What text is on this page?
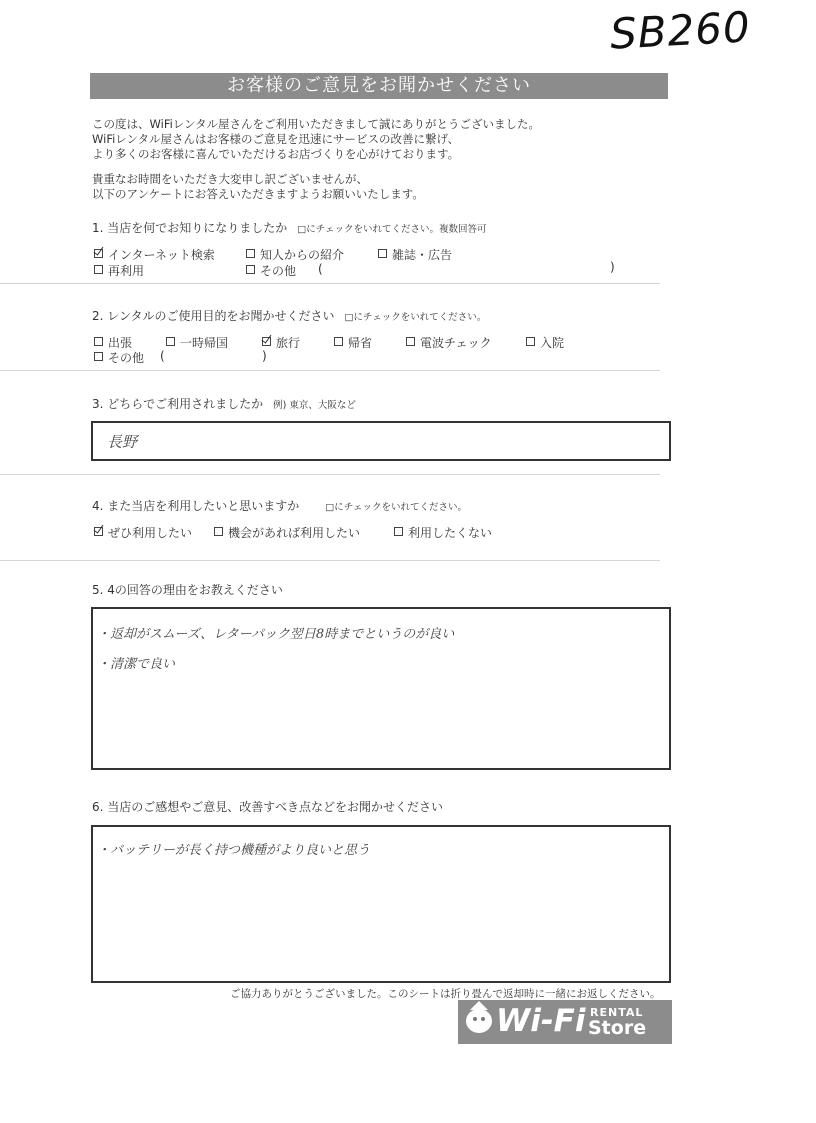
SB260
お客様のご意見をお聞かせください
この度は、WiFiレンタル屋さんをご利用いただきまして誠にありがとうございました。
WiFiレンタル屋さんはお客様のご意見を迅速にサービスの改善に繋げ、
より多くのお客様に喜んでいただけるお店づくりを心がけております。
貴重なお時間をいただき大変申し訳ございませんが、
以下のアンケートにお答えいただきますようお願いいたします。
1. 当店を何でお知りになりましたか □にチェックをいれてください。複数回答可
インターネット検索	知人からの紹介	雑誌・広告
再利用	その他 (	)
2. レンタルのご使用目的をお聞かせください □にチェックをいれてください。
出張	一時帰国	旅行	帰省	電波チェック	入院
その他 (	)
3. どちらでご利用されましたか 例) 東京、大阪など
長野
4. また当店を利用したいと思いますか	□にチェックをいれてください。
ぜひ利用したい	機会があれば利用したい	利用したくない
5. 4の回答の理由をお教えください
・返却がスムーズ、レターパック翌日8時までというのが良い
・清潔で良い
6. 当店のご感想やご意見、改善すべき点などをお聞かせください
・バッテリーが長く持つ機種がより良いと思う
ご協力ありがとうございました。このシートは折り畳んで返却時に一緒にお返しください。
Wi-Fi RENTAL
Store
